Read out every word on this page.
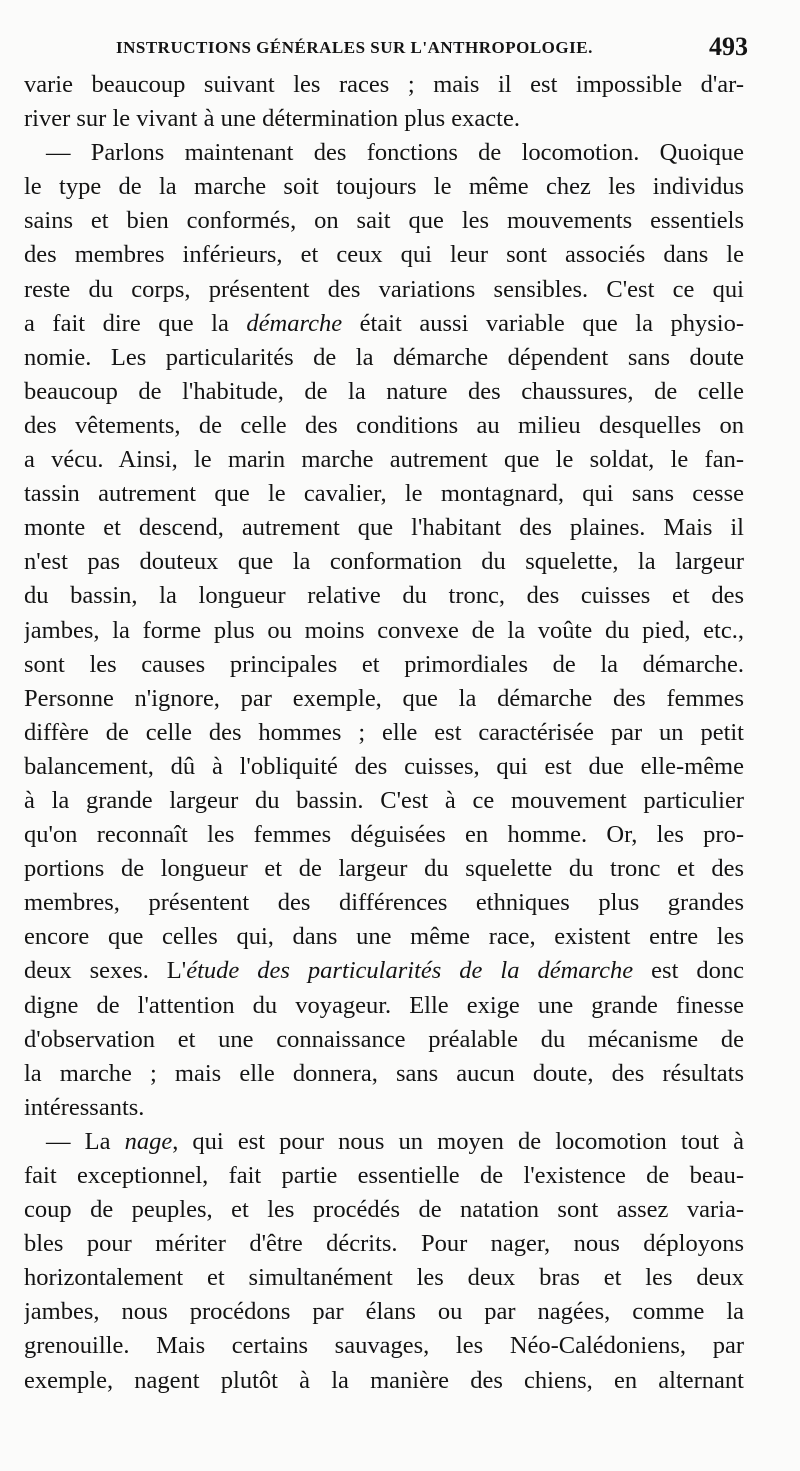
INSTRUCTIONS GÉNÉRALES SUR L'ANTHROPOLOGIE.	493
varie beaucoup suivant les races ; mais il est impossible d'ar-
river sur le vivant à une détermination plus exacte.
— Parlons maintenant des fonctions de locomotion. Quoique
le type de la marche soit toujours le même chez les individus
sains et bien conformés, on sait que les mouvements essentiels
des membres inférieurs, et ceux qui leur sont associés dans le
reste du corps, présentent des variations sensibles. C'est ce qui
a fait dire que la démarche était aussi variable que la physio-
nomie. Les particularités de la démarche dépendent sans doute
beaucoup de l'habitude, de la nature des chaussures, de celle
des vêtements, de celle des conditions au milieu desquelles on
a vécu. Ainsi, le marin marche autrement que le soldat, le fan-
tassin autrement que le cavalier, le montagnard, qui sans cesse
monte et descend, autrement que l'habitant des plaines. Mais il
n'est pas douteux que la conformation du squelette, la largeur
du bassin, la longueur relative du tronc, des cuisses et des
jambes, la forme plus ou moins convexe de la voûte du pied, etc.,
sont les causes principales et primordiales de la démarche.
Personne n'ignore, par exemple, que la démarche des femmes
diffère de celle des hommes ; elle est caractérisée par un petit
balancement, dû à l'obliquité des cuisses, qui est due elle-même
à la grande largeur du bassin. C'est à ce mouvement particulier
qu'on reconnaît les femmes déguisées en homme. Or, les pro-
portions de longueur et de largeur du squelette du tronc et des
membres, présentent des différences ethniques plus grandes
encore que celles qui, dans une même race, existent entre les
deux sexes. L'étude des particularités de la démarche est donc
digne de l'attention du voyageur. Elle exige une grande finesse
d'observation et une connaissance préalable du mécanisme de
la marche ; mais elle donnera, sans aucun doute, des résultats
intéressants.
— La nage, qui est pour nous un moyen de locomotion tout à
fait exceptionnel, fait partie essentielle de l'existence de beau-
coup de peuples, et les procédés de natation sont assez varia-
bles pour mériter d'être décrits. Pour nager, nous déployons
horizontalement et simultanément les deux bras et les deux
jambes, nous procédons par élans ou par nagées, comme la
grenouille. Mais certains sauvages, les Néo-Calédoniens, par
exemple, nagent plutôt à la manière des chiens, en alternant
